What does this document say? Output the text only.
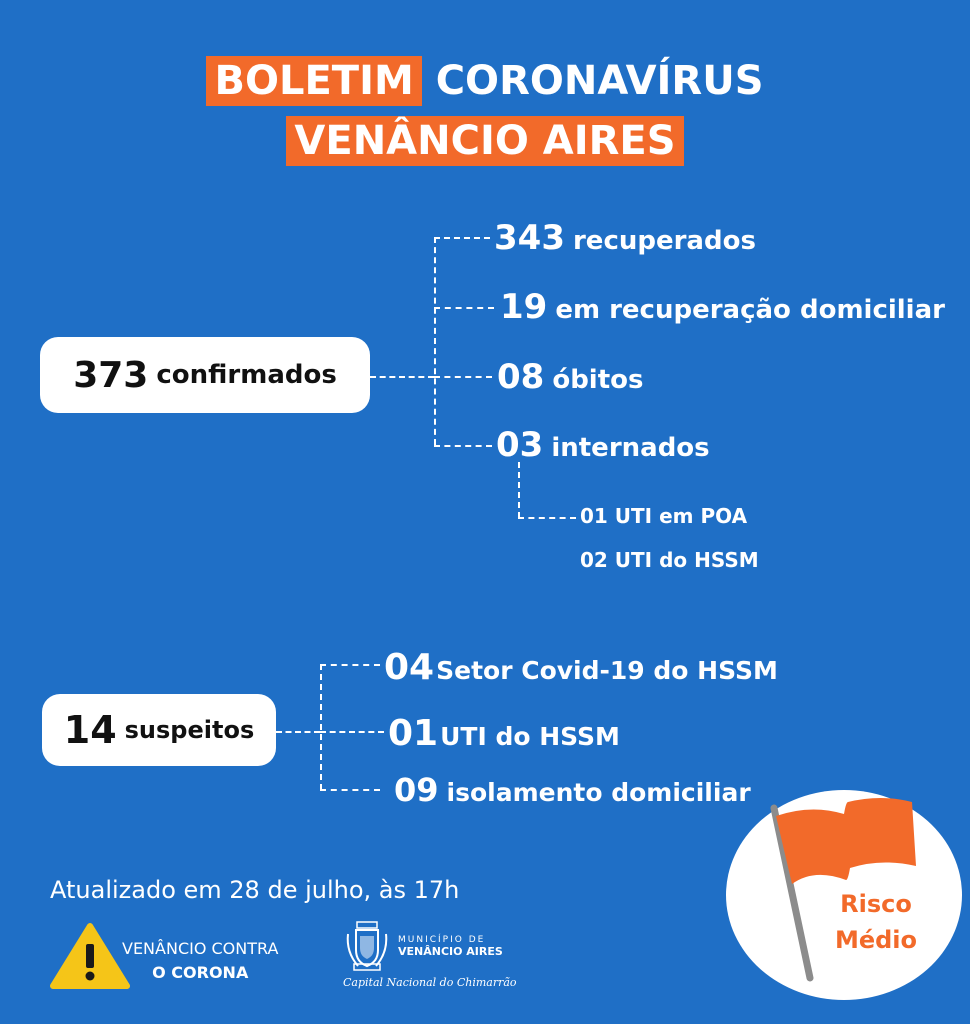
BOLETIM CORONAVÍRUS
VENÂNCIO AIRES
373 confirmados
343 recuperados
19 em recuperação domiciliar
08 óbitos
03 internados
01 UTI em POA
02 UTI do HSSM
14 suspeitos
04Setor Covid-19 do HSSM
01UTI do HSSM
09 isolamento domiciliar
Atualizado em 28 de julho, às 17h
VENÂNCIO CONTRA
O CORONA
MUNICÍPIO DE
VENÂNCIO AIRES
Capital Nacional do Chimarrão
Risco
Médio
